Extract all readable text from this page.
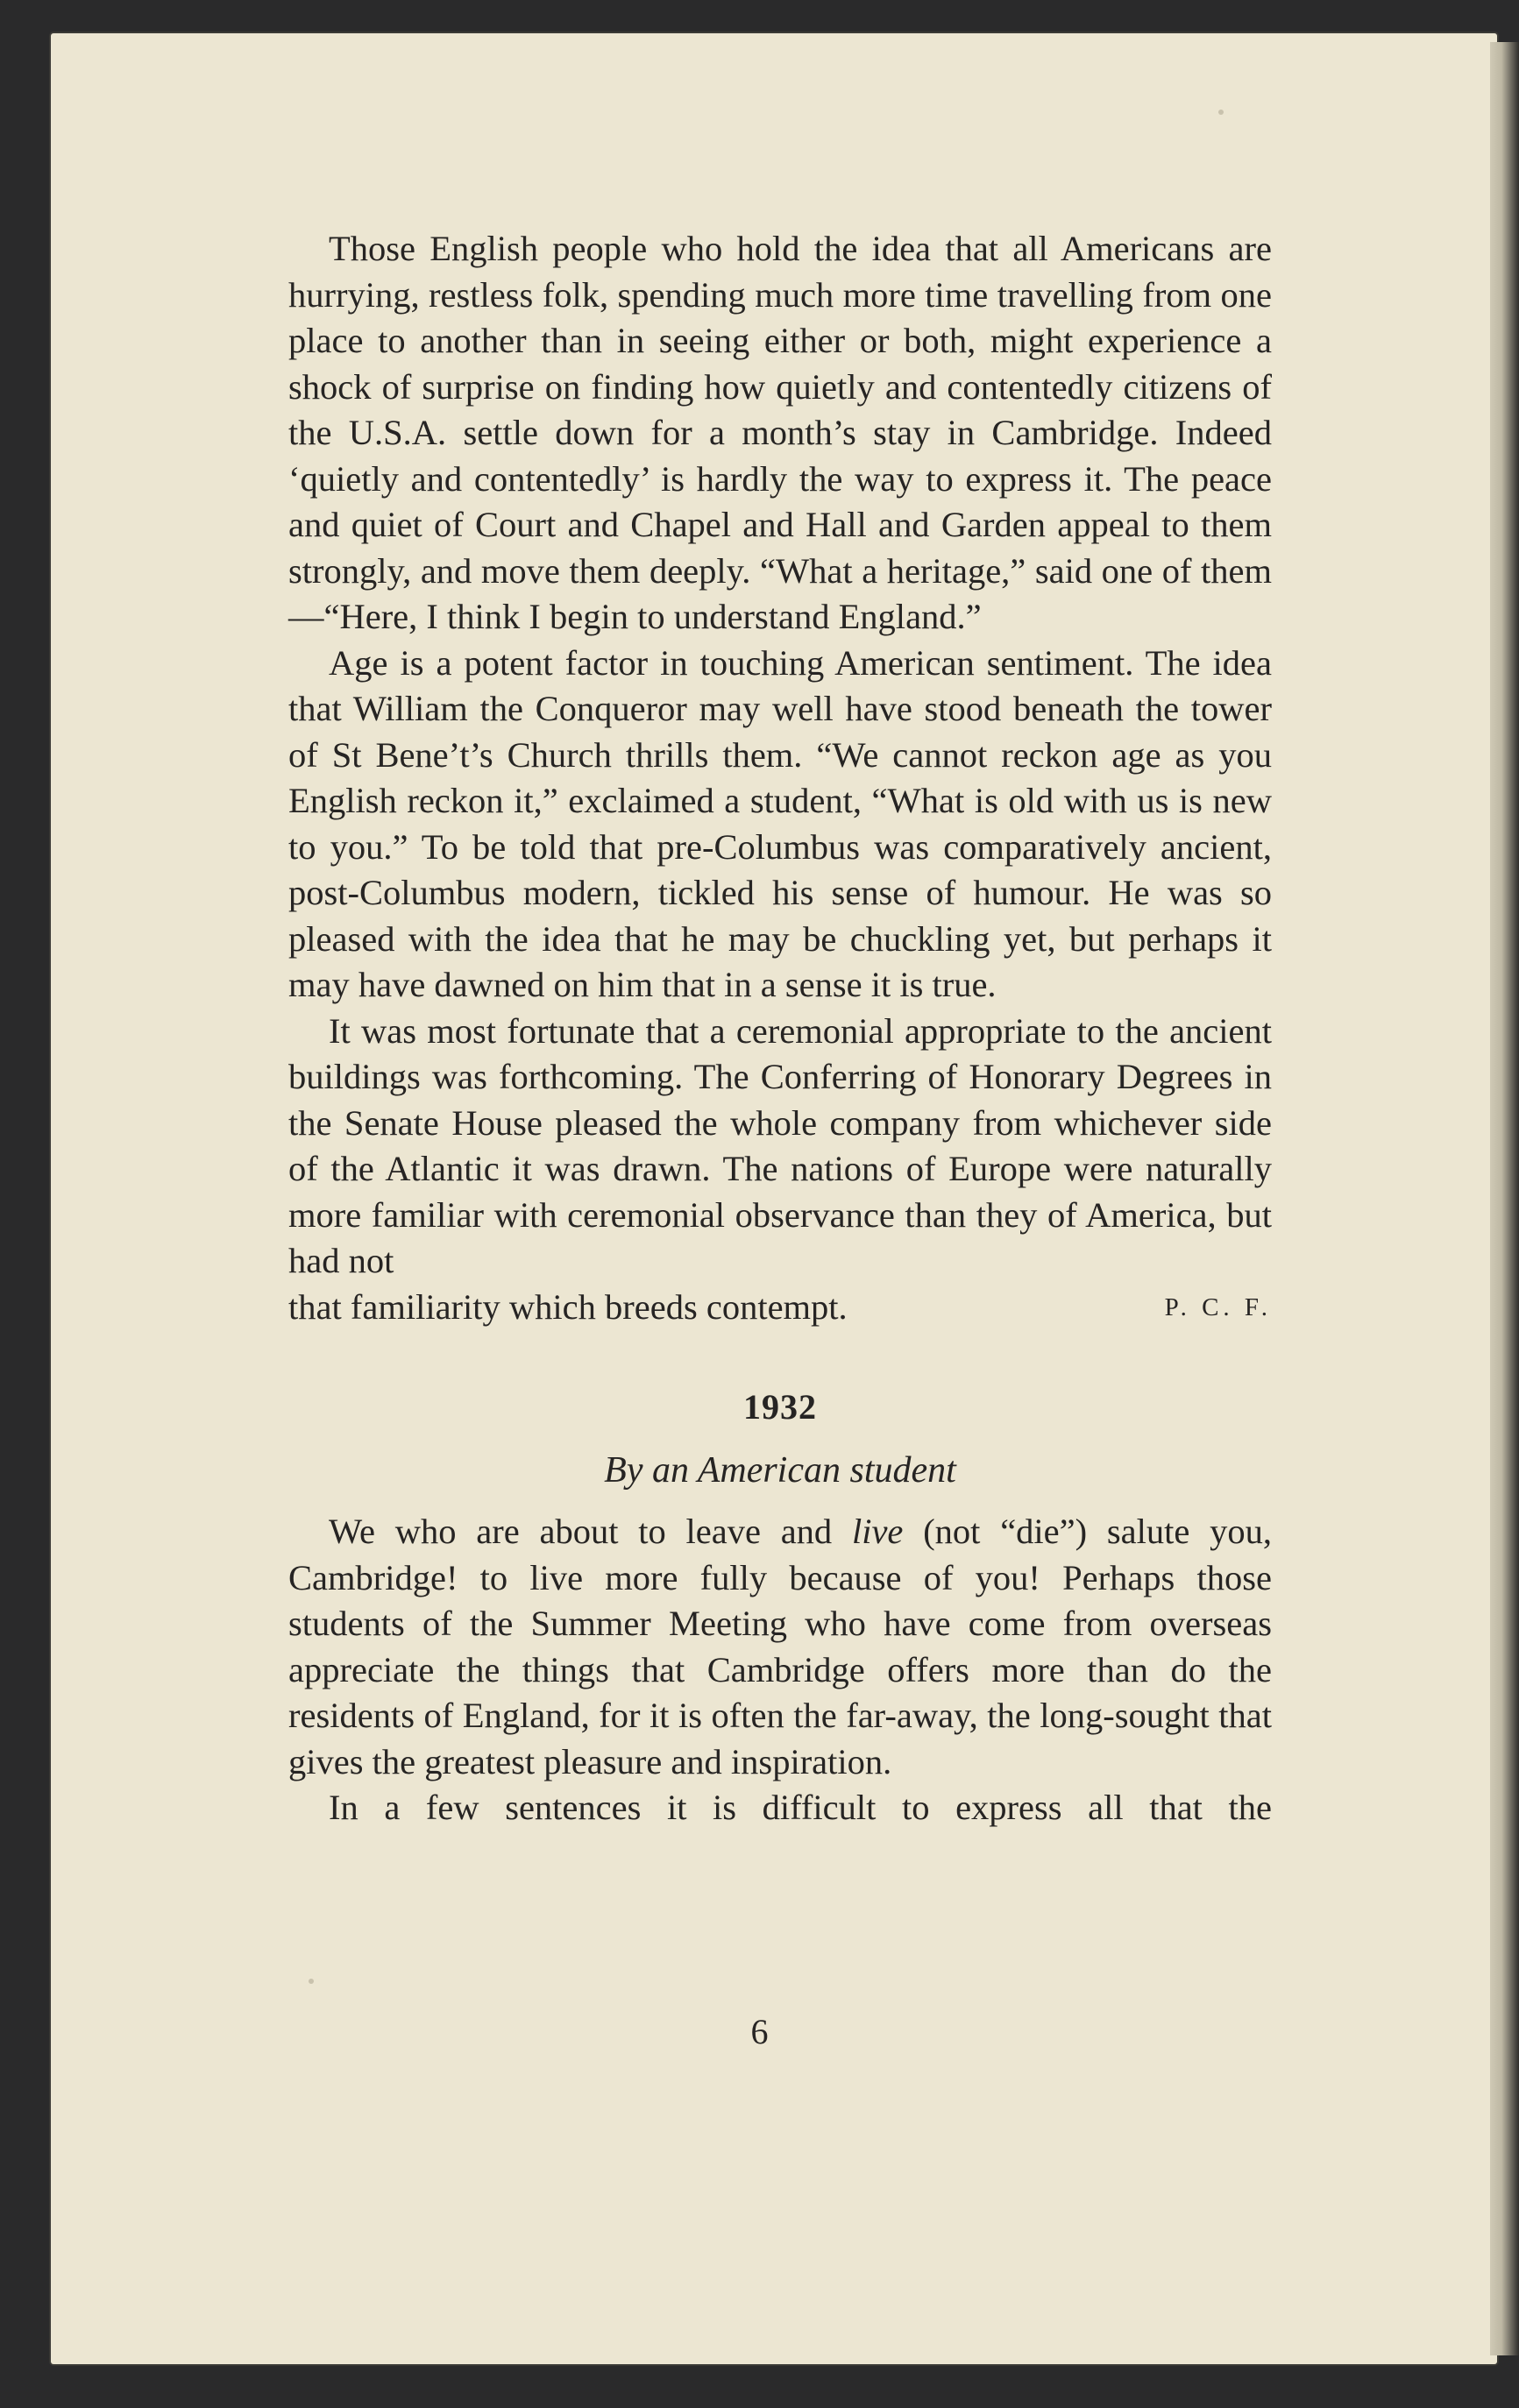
Those English people who hold the idea that all Americans are hurrying, restless folk, spending much more time travelling from one place to another than in seeing either or both, might experience a shock of surprise on finding how quietly and contentedly citizens of the U.S.A. settle down for a month’s stay in Cambridge. Indeed ‘quietly and contentedly’ is hardly the way to express it. The peace and quiet of Court and Chapel and Hall and Garden appeal to them strongly, and move them deeply. “What a heritage,” said one of them—“Here, I think I begin to understand England.”

Age is a potent factor in touching American sentiment. The idea that William the Conqueror may well have stood beneath the tower of St Bene’t’s Church thrills them. “We cannot reckon age as you English reckon it,” exclaimed a student, “What is old with us is new to you.” To be told that pre-Columbus was comparatively ancient, post-Columbus modern, tickled his sense of humour. He was so pleased with the idea that he may be chuckling yet, but perhaps it may have dawned on him that in a sense it is true.

It was most fortunate that a ceremonial appropriate to the ancient buildings was forthcoming. The Conferring of Honorary Degrees in the Senate House pleased the whole company from whichever side of the Atlantic it was drawn. The nations of Europe were naturally more familiar with ceremonial observance than they of America, but had not

that familiarity which breeds contempt.	P. C. F.
1932
By an American student

We who are about to leave and live (not “die”) salute you, Cambridge! to live more fully because of you! Perhaps those students of the Summer Meeting who have come from overseas appreciate the things that Cambridge offers more than do the residents of England, for it is often the far-away, the long-sought that gives the greatest pleasure and inspiration.

In a few sentences it is difficult to express all that the

6
